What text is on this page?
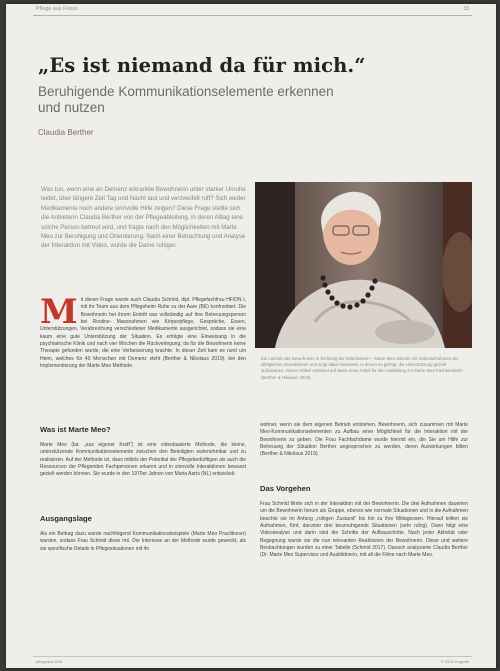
Pflege aus Fokus	33
„Es ist niemand da für mich.“
Beruhigende Kommunikationselemente erkennen und nutzen
Claudia Berther
Was tun, wenn eine an Demenz erkrankte Bewohnerin unter starker Unruhe leidet, über längere Zeit Tag und Nacht laut und verzweifelt ruft? Sich weder Medikamente noch andere sinnvolle Hilfe zeigen? Diese Frage stellte sich die Anbieterin Claudia Berther von der Pflegeabteilung, in deren Alltag eine solche Person betreut wird, und fragte nach den Möglichkeiten mit Marte Meo zur Beruhigung und Orientierung. Nach einer Betrachtung und Analyse der Interaktion mit Video, wurde die Dame ruhiger.
Ein Lächeln der Bewohnerin in Richtung der Mitarbeiterin – Marte Meo arbeitet mit Videoaufnahmen der alltäglichen Interaktionen und zeigt dabei Momente, in denen es gelingt, die Unterstützung gezielt aufzubauen. Dieser Artikel entstand auf Basis einer Arbeit für die Ausbildung zur Marte Meo Fachberaterin (Berther & Nikolaus 2019).
Mit dieser Frage wurde auch Claudia Schmid, dipl. Pflegefachfrau HF/DN I, mit ihr Team aus dem Pflegeheim Ruhe zu der Aare (BE) konfrontiert. Die Bewohnerin bei ihrem Eintritt war vollständig auf ihre Betreuungsperson bei Routine- Massnahmen wie Körperpflege, Gespräche, Essen, Unterstützungen, Verabreichung verschiedener Medikamente ausgerichtet, sodass sie eine kaum eine gute Unterstützung der Situation. Es erfolgte eine Einweisung in die psychiatrische Klinik und nach vier Wochen die Rückverlegung; da für die Bewohnerin keine Therapie gefunden wurde, die eine Verbesserung brachte. In dieser Zeit kam es rund um Heim, welches für 40 Menschen mit Demenz steht (Berther & Nikolaus 2019), bei den Implementierung der Marte Meo Methode.
Was ist Marte Meo?
Marte Meo (lat. „aus eigener Kraft“) ist eine videobasierte Methode, die kleine, unterstützende Kommunikationselemente zwischen den Beteiligten wahrnehmbar und zu realisieren. Auf der Methode ist, dass mittels der Potential der Pflegebedürftigen als auch die Ressourcen der Pflegenden Fachpersonen erkannt und in sinnvolle Interaktionen bewusst gezielt werden können. Sie wurde in den 1970er Jahren von Maria Aarts (NL) entwickelt.
Ausgangslage
Als ein Beitrag dazu wurde nachfolgend Kommunikationsbeispiele (Marte Meo Practitioner) wurden, sodass Frau Schmid diese mit. Die Interesse an der Methode wurde geweckt, als sie spezifische Details in Pflegesituationen mit ihr
wohner, wenn sie dem eigenen Betrieb entstehen, Bewohnerin, sich zusammen mit Marte Meo-Kommunikationselementen zu Aufbau einer Möglichkeit für die Interaktion mit der Bewohnerin zu geben. Die Frau Fachfachdame wurde hiermit ein, die Sie um Hilfe zur Betreuung der Situation Berther angesprochen zu werden, deren Auswirkungen bitten (Berther & Nikolaus 2019).
Das Vorgehen
Frau Schmid filmte sich in der Interaktion mit der Bewohnerin. Die drei Aufnahmen dauerten um die Bewohnerin herum als Gruppe, ebenso wie normale Situationen und in die Aufnahmen beachte sie im Anfang „ruhigen Zustand“ bis hin zu ihre Mittagessen. Hierauf teilten sie Aufnahmen, fünf, darunter drei beunruhigende Situationen (sehr ruhig). Dann folgt eine Videoanalyse und darin sind die Schritte der Aufbauschritte. Nach jeder Aktivität oder Begegnung wurde sie die nun relevanten Reaktionen der Bewohnerin. Diese und weitere Beobachtungen wurden zu einer Tabelle (Schmid 2017). Danach analysierte Claudia Berther (Dr. Marte Meo Supervisor und Ausbildnerin, mit all die Filme nach Marte Meo.
pflegeaus 6/18	© 2018 Hogrefe
